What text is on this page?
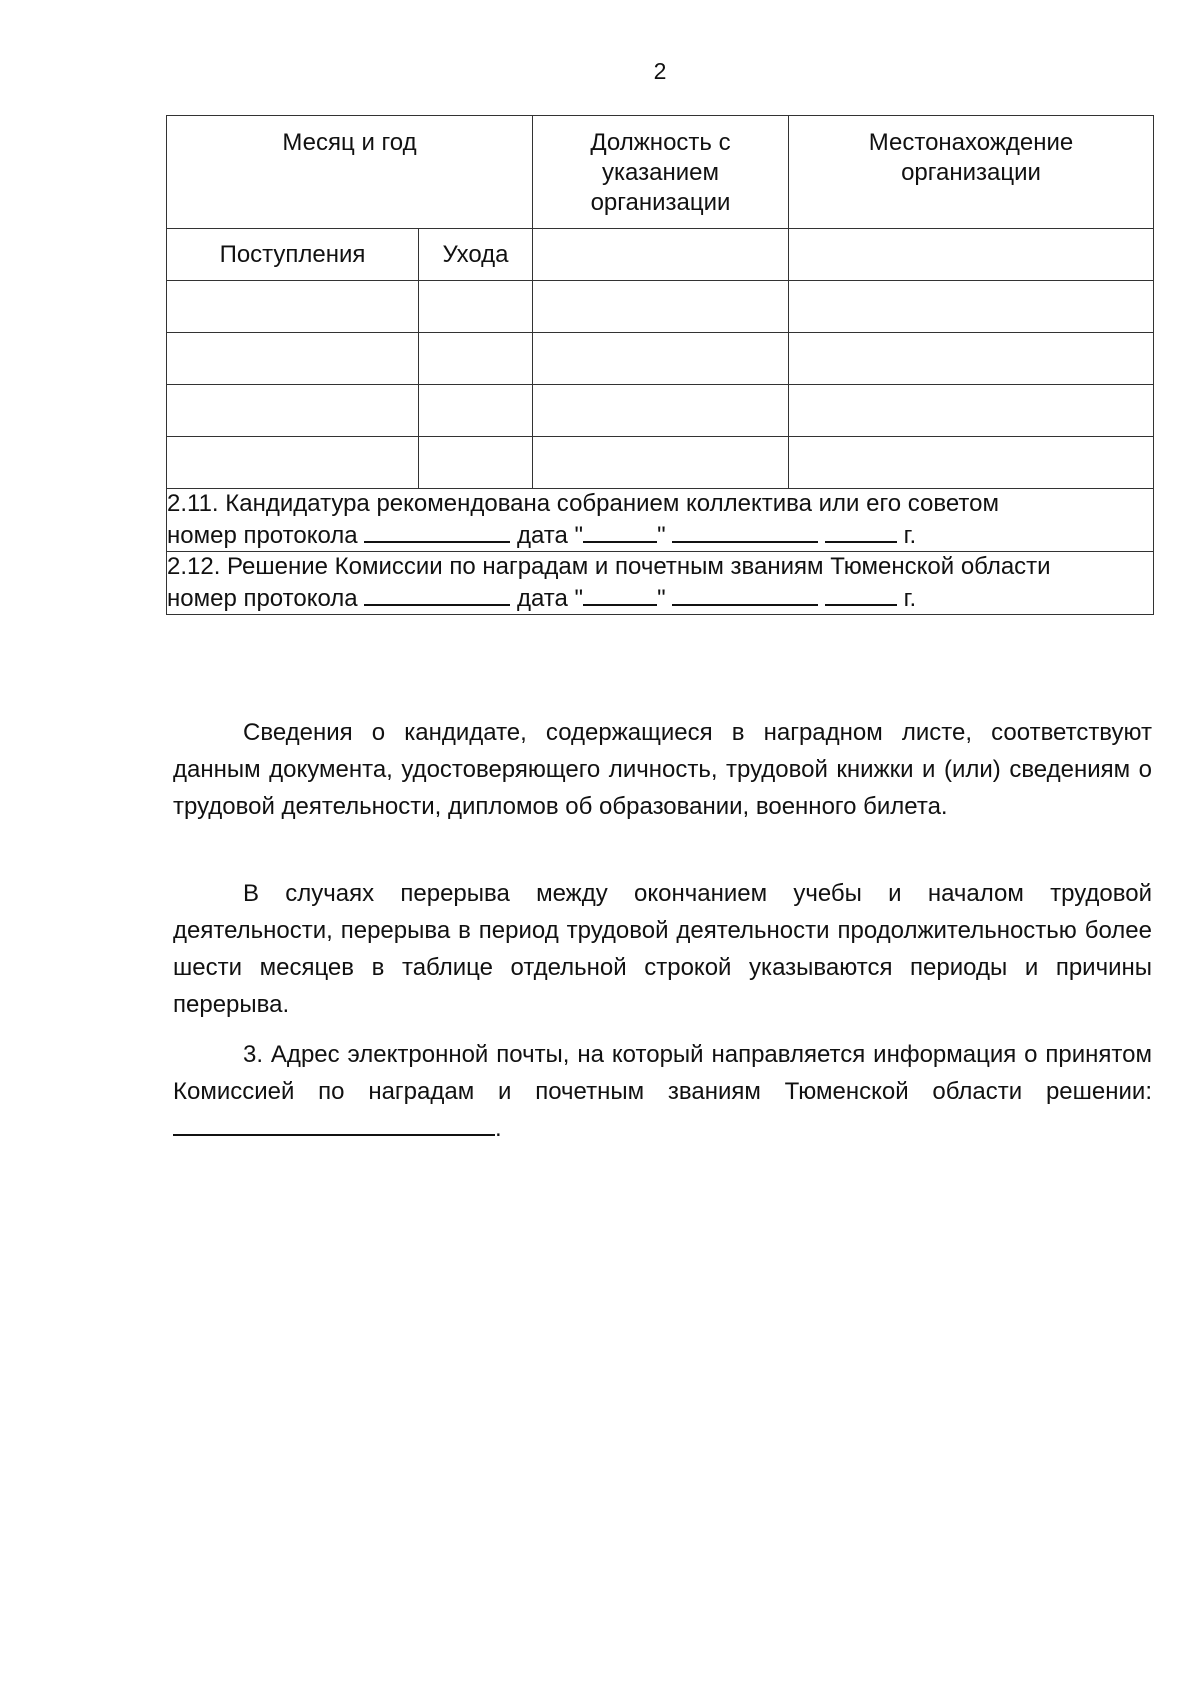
2
Месяц и год		Должность с указанием организации	Местонахождение организации

Поступления	Ухода		

2.11. Кандидатура рекомендована собранием коллектива или его советом
номер протокола дата " " г.			

2.12. Решение Комиссии по наградам и почетным званиям Тюменской области
номер протокола дата " " г.			

Сведения о кандидате, содержащиеся в наградном листе, соответствуют данным документа, удостоверяющего личность, трудовой книжки и (или) сведениям о трудовой деятельности, дипломов об образовании, военного билета.

В случаях перерыва между окончанием учебы и началом трудовой деятельности, перерыва в период трудовой деятельности продолжительностью более шести месяцев в таблице отдельной строкой указываются периоды и причины перерыва.

3. Адрес электронной почты, на который направляется информация о принятом Комиссией по наградам и почетным званиям Тюменской области решении:.
